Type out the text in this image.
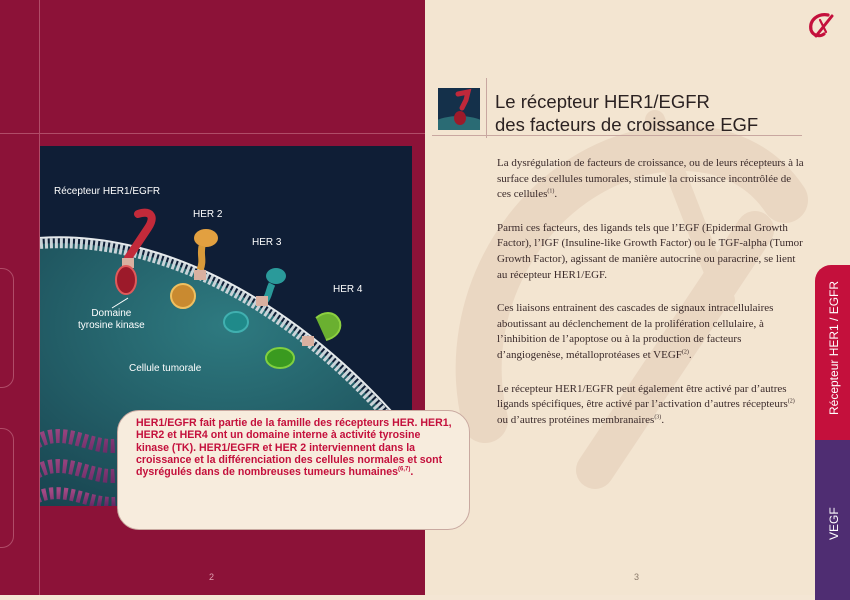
Le récepteur HER1/EGFR
des facteurs de croissance EGF

La dysrégulation de facteurs de croissance, ou de leurs récepteurs à la surface des cellules tumorales, stimule la croissance incontrôlée de ces cellules$^{(1)}$.

Parmi ces facteurs, des ligands tels que l’EGF (Epidermal Growth Factor), l’IGF (Insuline-like Growth Factor) ou le TGF-alpha (Tumor Growth Factor), agissant de manière autocrine ou paracrine, se lient au récepteur HER1/EGF.

Ces liaisons entrainent des cascades de signaux intracellulaires aboutissant au déclenchement de la prolifération cellulaire, à l’inhibition de l’apoptose ou à la production de facteurs d’angiogenèse, métalloprotéases et VEGF$^{(2)}$.

Le récepteur HER1/EGFR peut également être activé par d’autres ligands spécifiques, être activé par l’activation d’autres récepteurs$^{(2)}$ ou d’autres protéines membranaires$^{(3)}$.

Récepteur HER1/EGFR
HER 2
HER 3
HER 4
Domaine
tyrosine kinase
Cellule tumorale
HER1/EGFR fait partie de la famille des récepteurs HER. HER1, HER2 et HER4 ont un domaine interne à activité tyrosine kinase (TK). HER1/EGFR et HER 2 interviennent dans la croissance et la différenciation des cellules normales et sont dysrégulés dans de nombreuses tumeurs humaines$^{(6,7)}$.
2	3
Récepteur HER1 / EGFR
VEGF
